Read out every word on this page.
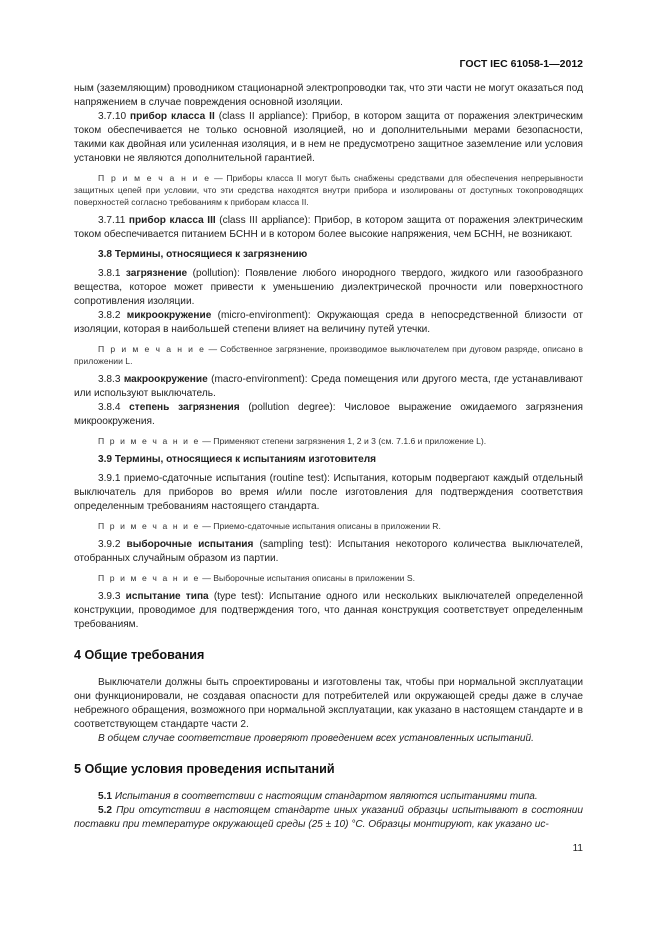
ГОСТ IEC 61058-1—2012

ным (заземляющим) проводником стационарной электропроводки так, что эти части не могут оказаться под напряжением в случае повреждения основной изоляции.

3.7.10 прибор класса II (class II appliance): Прибор, в котором защита от поражения электрическим током обеспечивается не только основной изоляцией, но и дополнительными мерами безопасности, такими как двойная или усиленная изоляция, и в нем не предусмотрено защитное заземление или условия установки не являются дополнительной гарантией.

П р и м е ч а н и е — Приборы класса II могут быть снабжены средствами для обеспечения непрерывности защитных цепей при условии, что эти средства находятся внутри прибора и изолированы от доступных токопроводящих поверхностей согласно требованиям к приборам класса II.

3.7.11 прибор класса III (class III appliance): Прибор, в котором защита от поражения электрическим током обеспечивается питанием БСНН и в котором более высокие напряжения, чем БСНН, не возникают.

3.8 Термины, относящиеся к загрязнению

3.8.1 загрязнение (pollution): Появление любого инородного твердого, жидкого или газообразного вещества, которое может привести к уменьшению диэлектрической прочности или поверхностного сопротивления изоляции.

3.8.2 микроокружение (micro-environment): Окружающая среда в непосредственной близости от изоляции, которая в наибольшей степени влияет на величину путей утечки.

П р и м е ч а н и е — Собственное загрязнение, производимое выключателем при дуговом разряде, описано в приложении L.

3.8.3 макроокружение (macro-environment): Среда помещения или другого места, где устанавливают или используют выключатель.

3.8.4 степень загрязнения (pollution degree): Числовое выражение ожидаемого загрязнения микроокружения.

П р и м е ч а н и е — Применяют степени загрязнения 1, 2 и 3 (см. 7.1.6 и приложение L).

3.9 Термины, относящиеся к испытаниям изготовителя

3.9.1 приемо-сдаточные испытания (routine test): Испытания, которым подвергают каждый отдельный выключатель для приборов во время и/или после изготовления для подтверждения соответствия определенным требованиям настоящего стандарта.

П р и м е ч а н и е — Приемо-сдаточные испытания описаны в приложении R.

3.9.2 выборочные испытания (sampling test): Испытания некоторого количества выключателей, отобранных случайным образом из партии.

П р и м е ч а н и е — Выборочные испытания описаны в приложении S.

3.9.3 испытание типа (type test): Испытание одного или нескольких выключателей определенной конструкции, проводимое для подтверждения того, что данная конструкция соответствует определенным требованиям.

4 Общие требования

Выключатели должны быть спроектированы и изготовлены так, чтобы при нормальной эксплуатации они функционировали, не создавая опасности для потребителей или окружающей среды даже в случае небрежного обращения, возможного при нормальной эксплуатации, как указано в настоящем стандарте и в соответствующем стандарте части 2.

В общем случае соответствие проверяют проведением всех установленных испытаний.

5 Общие условия проведения испытаний

5.1 Испытания в соответствии с настоящим стандартом являются испытаниями типа.

5.2 При отсутствии в настоящем стандарте иных указаний образцы испытывают в состоянии поставки при температуре окружающей среды (25 ± 10) °С. Образцы монтируют, как указано ис-

11
